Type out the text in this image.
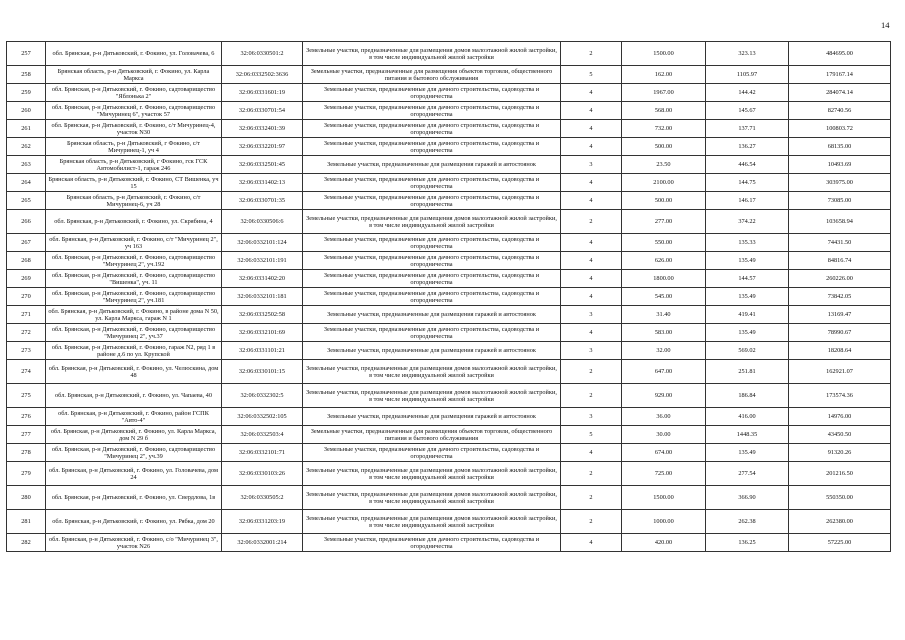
14
257	обл. Брянская, р-н Дятьковский, г. Фокино, ул. Головачева, 6	32:06:0330501:2	Земельные участки, предназначенные для размещения домов малоэтажной жилой застройки, в том числе индивидуальной жилой застройки	2	1500.00	323.13	484695.00
258	Брянская область, р-н Дятьковский, г. Фокино, ул. Карла Маркса	32:06:0332502:3636	Земельные участки, предназначенные для размещения объектов торговли, общественного питания и бытового обслуживания	5	162.00	1105.97	179167.14
259	обл. Брянская, р-н Дятьковский, г. Фокино, садтоварищество "Яблонька 2"	32:06:0331601:19	Земельные участки, предназначенные для дачного строительства, садоводства и огородничества	4	1967.00	144.42	284074.14
260	обл. Брянская, р-н Дятьковский, г. Фокино, садтоварищество "Мичуринец 6", участок 57	32:06:0330701:54	Земельные участки, предназначенные для дачного строительства, садоводства и огородничества	4	568.00	145.67	82740.56
261	обл. Брянская, р-н Дятьковский, г. Фокино, с/т Мичуринец-4, участок N30	32:06:0332401:39	Земельные участки, предназначенные для дачного строительства, садоводства и огородничества	4	732.00	137.71	100803.72
262	Брянская область, р-н Дятьковский, г Фокино, с/т Мичуринец-1, уч 4	32:06:0332201:97	Земельные участки, предназначенные для дачного строительства, садоводства и огородничества	4	500.00	136.27	68135.00
263	Брянская область, р-н Дятьковский, г Фокино, гск ГСК Автомобилист-1, гараж 246	32:06:0332501:45	Земельные участки, предназначенные для размещения гаражей и автостоянок	3	23.50	446.54	10493.69
264	Брянская область, р-н Дятьковский, г. Фокино, СТ Вишенка, уч 15	32:06:0331402:13	Земельные участки, предназначенные для дачного строительства, садоводства и огородничества	4	2100.00	144.75	303975.00
265	Брянская область, р-н Дятьковский, г. Фокино, с/т Мичуринец-6, уч 28	32:06:0330701:35	Земельные участки, предназначенные для дачного строительства, садоводства и огородничества	4	500.00	146.17	73085.00
266	обл. Брянская, р-н Дятьковский, г. Фокино, ул. Скрябина, 4	32:06:0330506:6	Земельные участки, предназначенные для размещения домов малоэтажной жилой застройки, в том числе индивидуальной жилой застройки	2	277.00	374.22	103658.94
267	обл. Брянская, р-н Дятьковский, г. Фокино, с/т "Мичуринец 2", уч 163	32:06:0332101:124	Земельные участки, предназначенные для дачного строительства, садоводства и огородничества	4	550.00	135.33	74431.50
268	обл. Брянская, р-н Дятьковский, г. Фокино, садтоварищество "Мичуринец 2", уч.192	32:06:0332101:191	Земельные участки, предназначенные для дачного строительства, садоводства и огородничества	4	626.00	135.49	84816.74
269	обл. Брянская, р-н Дятьковский, г. Фокино, садтоварищество "Вишенка", уч. 11	32:06:0331402:20	Земельные участки, предназначенные для дачного строительства, садоводства и огородничества	4	1800.00	144.57	260226.00
270	обл. Брянская, р-н Дятьковский, г. Фокино, садтоварищество "Мичуринец 2", уч.181	32:06:0332101:181	Земельные участки, предназначенные для дачного строительства, садоводства и огородничества	4	545.00	135.49	73842.05
271	обл. Брянская, р-н Дятьковский, г. Фокино, в районе дома N 50, ул. Карла Маркса, гараж N 1	32:06:0332502:58	Земельные участки, предназначенные для размещения гаражей и автостоянок	3	31.40	419.41	13169.47
272	обл. Брянская, р-н Дятьковский, г. Фокино, садтоварищество "Мичуринец 2", уч.37	32:06:0332101:69	Земельные участки, предназначенные для дачного строительства, садоводства и огородничества	4	583.00	135.49	78990.67
273	обл. Брянская, р-н Дятьковский, г. Фокино, гараж N2, ряд 1 в районе д.6 по ул. Крупской	32:06:0331101:21	Земельные участки, предназначенные для размещения гаражей и автостоянок	3	32.00	569.02	18208.64
274	обл. Брянская, р-н Дятьковский, г. Фокино, ул. Челюскина, дом 48	32:06:0330101:15	Земельные участки, предназначенные для размещения домов малоэтажной жилой застройки, в том числе индивидуальной жилой застройки	2	647.00	251.81	162921.07
275	обл. Брянская, р-н Дятьковский, г. Фокино, ул. Чапаева, 40	32:06:0332302:5	Земельные участки, предназначенные для размещения домов малоэтажной жилой застройки, в том числе индивидуальной жилой застройки	2	929.00	186.84	173574.36
276	обл. Брянская, р-н Дятьковский, г. Фокино, район ГСПК "Авто-4"	32:06:0332502:105	Земельные участки, предназначенные для размещения гаражей и автостоянок	3	36.00	416.00	14976.00
277	обл. Брянская, р-н Дятьковский, г. Фокино, ул. Карла Маркса, дом N 29 б	32:06:0332503:4	Земельные участки, предназначенные для размещения объектов торговли, общественного питания и бытового обслуживания	5	30.00	1448.35	43450.50
278	обл. Брянская, р-н Дятьковский, г. Фокино, садтоварищество "Мичуринец 2", уч.39	32:06:0332101:71	Земельные участки, предназначенные для дачного строительства, садоводства и огородничества	4	674.00	135.49	91320.26
279	обл. Брянская, р-н Дятьковский, г. Фокино, ул. Головачева, дом 24	32:06:0330103:26	Земельные участки, предназначенные для размещения домов малоэтажной жилой застройки, в том числе индивидуальной жилой застройки	2	725.00	277.54	201216.50
280	обл. Брянская, р-н Дятьковский, г. Фокино, ул. Свердлова, 1в	32:06:0330505:2	Земельные участки, предназначенные для размещения домов малоэтажной жилой застройки, в том числе индивидуальной жилой застройки	2	1500.00	366.90	550350.00
281	обл. Брянская, р-н Дятьковский, г. Фокино, ул. Рябка, дом 20	32:06:0331203:19	Земельные участки, предназначенные для размещения домов малоэтажной жилой застройки, в том числе индивидуальной жилой застройки	2	1000.00	262.38	262380.00
282	обл. Брянская, р-н Дятьковский, г. Фокино, с/о "Мичуринец 3", участок N26	32:06:0332001:214	Земельные участки, предназначенные для дачного строительства, садоводства и огородничества	4	420.00	136.25	57225.00
